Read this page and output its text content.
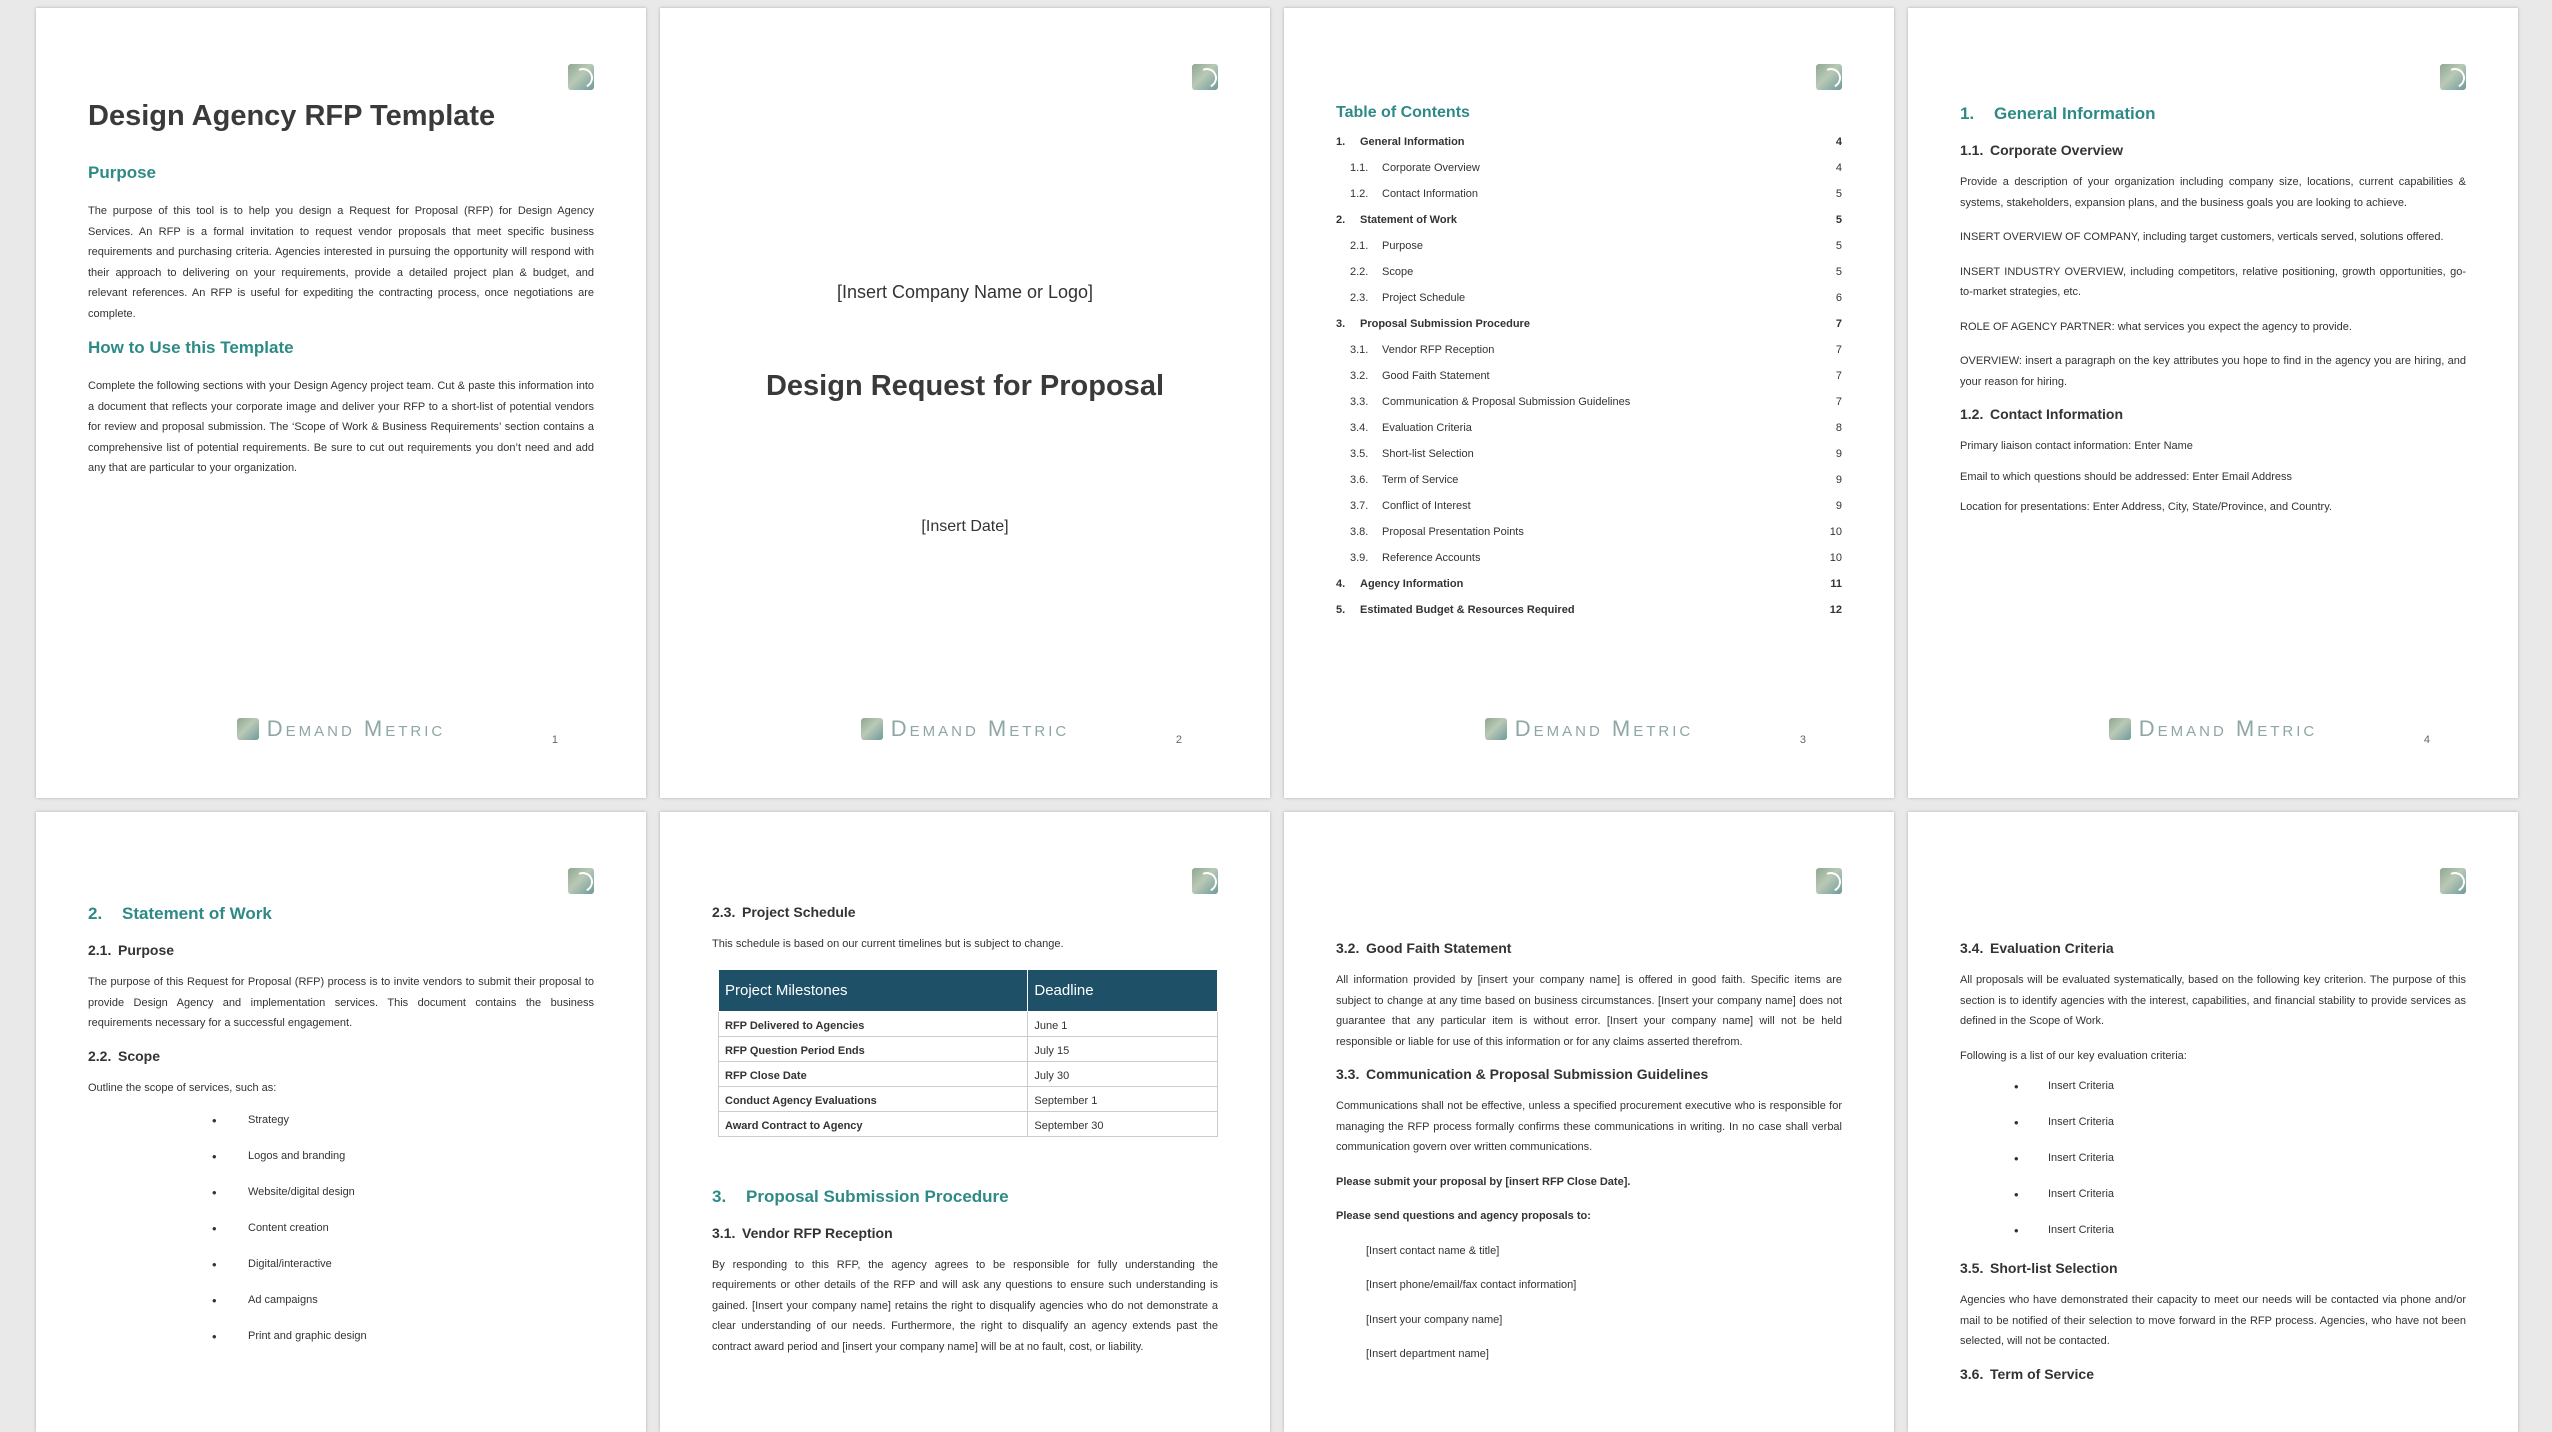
Design Agency RFP Template
Purpose
The purpose of this tool is to help you design a Request for Proposal (RFP) for Design Agency Services. An RFP is a formal invitation to request vendor proposals that meet specific business requirements and purchasing criteria. Agencies interested in pursuing the opportunity will respond with their approach to delivering on your requirements, provide a detailed project plan & budget, and relevant references. An RFP is useful for expediting the contracting process, once negotiations are complete.
How to Use this Template
Complete the following sections with your Design Agency project team. Cut & paste this information into a document that reflects your corporate image and deliver your RFP to a short-list of potential vendors for review and proposal submission. The ‘Scope of Work & Business Requirements’ section contains a comprehensive list of potential requirements. Be sure to cut out requirements you don’t need and add any that are particular to your organization.
Demand Metric	1
[Insert Company Name or Logo]
Design Request for Proposal
[Insert Date]
Demand Metric	2
Table of Contents
1. General Information	4
1.1. Corporate Overview	4
1.2. Contact Information	5
2. Statement of Work	5
2.1. Purpose	5
2.2. Scope	5
2.3. Project Schedule	6
3. Proposal Submission Procedure	7
3.1. Vendor RFP Reception	7
3.2. Good Faith Statement	7
3.3. Communication & Proposal Submission Guidelines	7
3.4. Evaluation Criteria	8
3.5. Short-list Selection	9
3.6. Term of Service	9
3.7. Conflict of Interest	9
3.8. Proposal Presentation Points	10
3.9. Reference Accounts	10
4. Agency Information	11
5. Estimated Budget & Resources Required	12
Demand Metric	3
1. General Information
1.1. Corporate Overview
Provide a description of your organization including company size, locations, current capabilities & systems, stakeholders, expansion plans, and the business goals you are looking to achieve.
INSERT OVERVIEW OF COMPANY, including target customers, verticals served, solutions offered.
INSERT INDUSTRY OVERVIEW, including competitors, relative positioning, growth opportunities, go-to-market strategies, etc.
ROLE OF AGENCY PARTNER: what services you expect the agency to provide.
OVERVIEW: insert a paragraph on the key attributes you hope to find in the agency you are hiring, and your reason for hiring.
1.2. Contact Information
Primary liaison contact information: Enter Name
Email to which questions should be addressed: Enter Email Address
Location for presentations: Enter Address, City, State/Province, and Country.
Demand Metric	4
2. Statement of Work
2.1. Purpose
The purpose of this Request for Proposal (RFP) process is to invite vendors to submit their proposal to provide Design Agency and implementation services. This document contains the business requirements necessary for a successful engagement.
2.2. Scope
Outline the scope of services, such as:
• Strategy
• Logos and branding
• Website/digital design
• Content creation
• Digital/interactive
• Ad campaigns
• Print and graphic design
2.3. Project Schedule
This schedule is based on our current timelines but is subject to change.
Project Milestones	Deadline
RFP Delivered to Agencies	June 1
RFP Question Period Ends	July 15
RFP Close Date	July 30
Conduct Agency Evaluations	September 1
Award Contract to Agency	September 30
3. Proposal Submission Procedure
3.1. Vendor RFP Reception
By responding to this RFP, the agency agrees to be responsible for fully understanding the requirements or other details of the RFP and will ask any questions to ensure such understanding is gained. [Insert your company name] retains the right to disqualify agencies who do not demonstrate a clear understanding of our needs. Furthermore, the right to disqualify an agency extends past the contract award period and [insert your company name] will be at no fault, cost, or liability.
3.2. Good Faith Statement
All information provided by [insert your company name] is offered in good faith. Specific items are subject to change at any time based on business circumstances. [Insert your company name] does not guarantee that any particular item is without error. [Insert your company name] will not be held responsible or liable for use of this information or for any claims asserted therefrom.
3.3. Communication & Proposal Submission Guidelines
Communications shall not be effective, unless a specified procurement executive who is responsible for managing the RFP process formally confirms these communications in writing. In no case shall verbal communication govern over written communications.
Please submit your proposal by [insert RFP Close Date].
Please send questions and agency proposals to:
[Insert contact name & title]
[Insert phone/email/fax contact information]
[Insert your company name]
[Insert department name]
3.4. Evaluation Criteria
All proposals will be evaluated systematically, based on the following key criterion. The purpose of this section is to identify agencies with the interest, capabilities, and financial stability to provide services as defined in the Scope of Work.
Following is a list of our key evaluation criteria:
• Insert Criteria
• Insert Criteria
• Insert Criteria
• Insert Criteria
• Insert Criteria
3.5. Short-list Selection
Agencies who have demonstrated their capacity to meet our needs will be contacted via phone and/or mail to be notified of their selection to move forward in the RFP process. Agencies, who have not been selected, will not be contacted.
3.6. Term of Service
